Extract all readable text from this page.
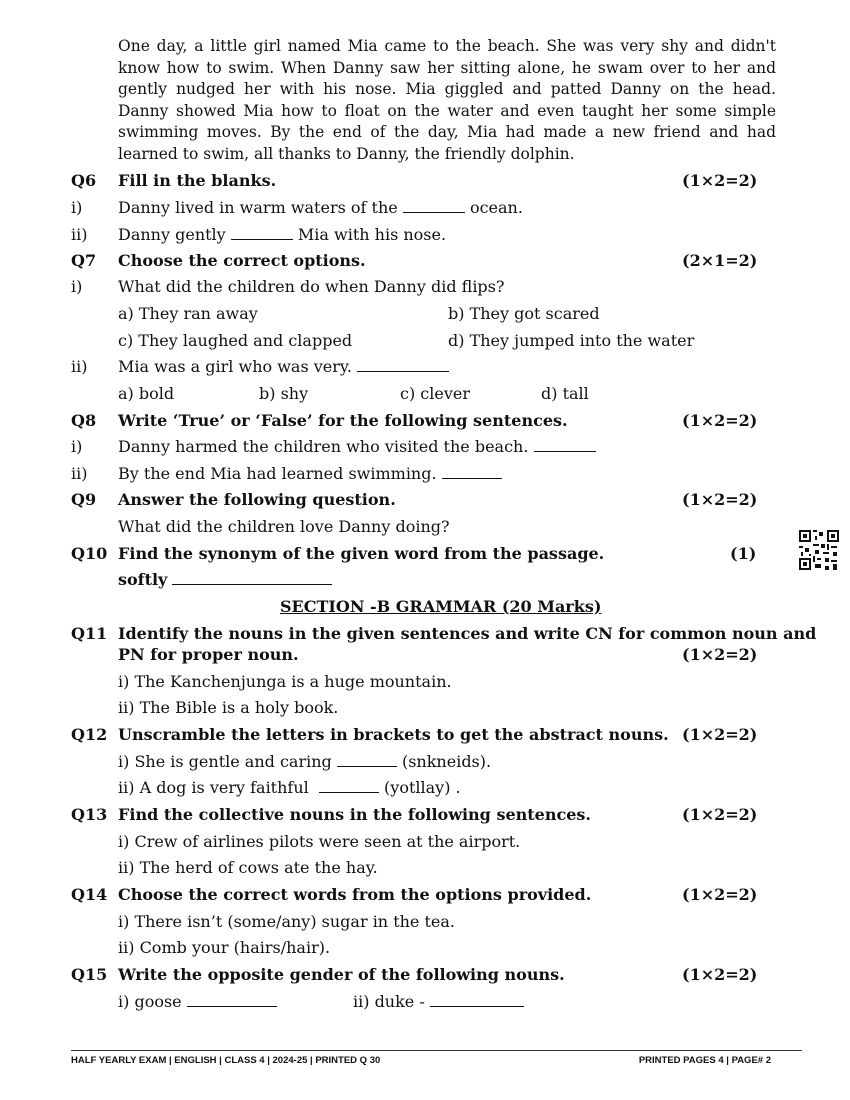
One day, a little girl named Mia came to the beach. She was very shy and didn't know how to swim. When Danny saw her sitting alone, he swam over to her and gently nudged her with his nose. Mia giggled and patted Danny on the head. Danny showed Mia how to float on the water and even taught her some simple swimming moves. By the end of the day, Mia had made a new friend and had learned to swim, all thanks to Danny, the friendly dolphin.
Q6 Fill in the blanks.	(1×2=2)
i) Danny lived in warm waters of the	ocean.
ii) Danny gently	Mia with his nose.
Q7 Choose the correct options.	(2×1=2)
i) What did the children do when Danny did flips?
a) They ran away	b) They got scared
c) They laughed and clapped	d) They jumped into the water
ii) Mia was a girl who was very.
a) bold	b) shy	c) clever	d) tall
Q8 Write ‘True’ or ‘False’ for the following sentences.	(1×2=2)
i) Danny harmed the children who visited the beach.
ii) By the end Mia had learned swimming.
Q9 Answer the following question.	(1×2=2)
What did the children love Danny doing?
Q10 Find the synonym of the given word from the passage.	(1)
softly
SECTION -B GRAMMAR (20 Marks)
Q11 Identify the nouns in the given sentences and write CN for common noun and
PN for proper noun.	(1×2=2)
i) The Kanchenjunga is a huge mountain.
ii) The Bible is a holy book.
Q12 Unscramble the letters in brackets to get the abstract nouns. (1×2=2)
i) She is gentle and caring	(snkneids).
ii) A dog is very faithful	(yotllay) .
Q13 Find the collective nouns in the following sentences.	(1×2=2)
i) Crew of airlines pilots were seen at the airport.
ii) The herd of cows ate the hay.
Q14 Choose the correct words from the options provided.	(1×2=2)
i) There isn’t (some/any) sugar in the tea.
ii) Comb your (hairs/hair).
Q15 Write the opposite gender of the following nouns.	(1×2=2)
i) goose	ii) duke -
HALF YEARLY EXAM | ENGLISH | CLASS 4 | 2024-25 | PRINTED Q 30	PRINTED PAGES 4 | PAGE# 2
